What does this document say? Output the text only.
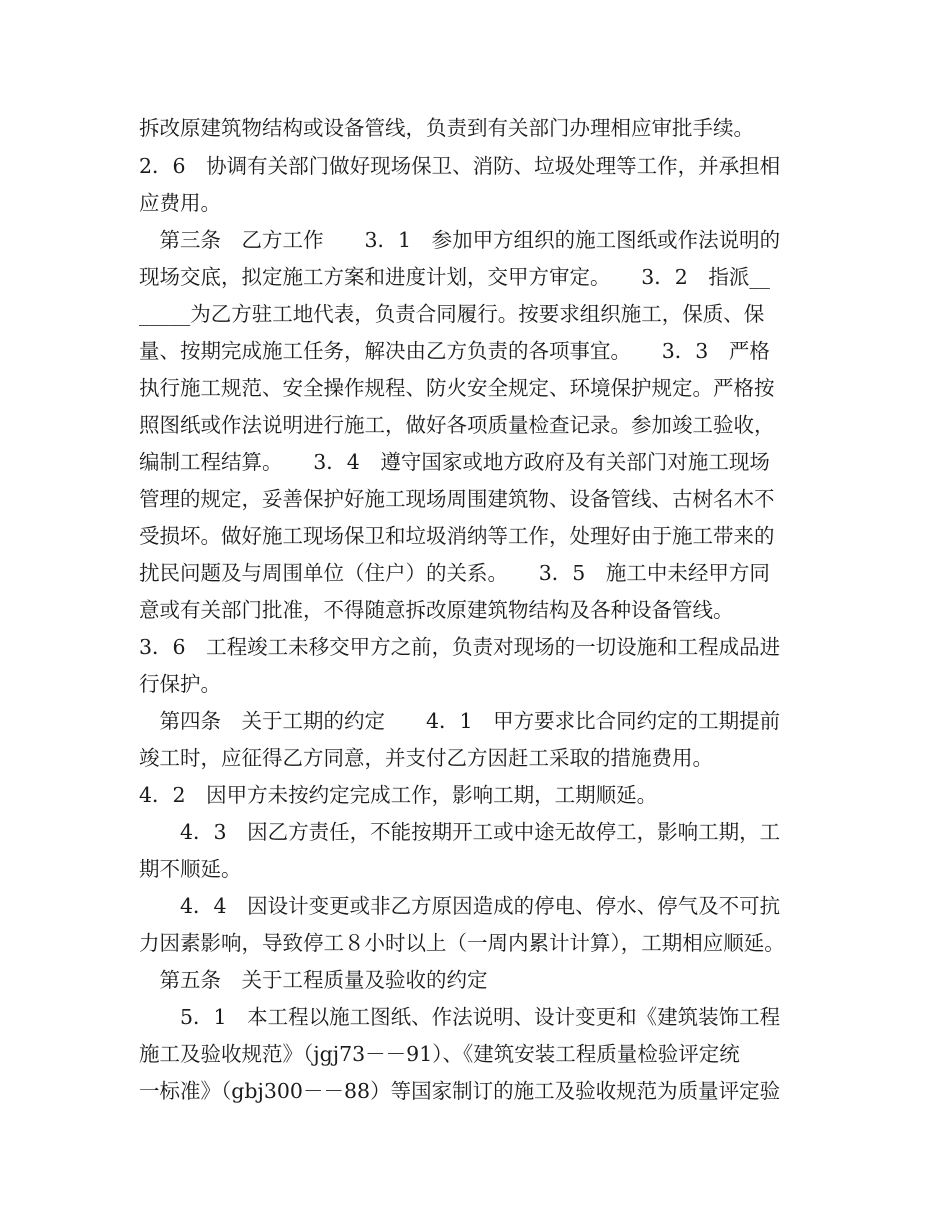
拆改原建筑物结构或设备管线，负责到有关部门办理相应审批手续。
2．6　协调有关部门做好现场保卫、消防、垃圾处理等工作，并承担相
应费用。
　第三条　乙方工作　　3．1　参加甲方组织的施工图纸或作法说明的
现场交底，拟定施工方案和进度计划，交甲方审定。　　3．2　指派__
_____为乙方驻工地代表，负责合同履行。按要求组织施工，保质、保
量、按期完成施工任务，解决由乙方负责的各项事宜。　　3．3　严格
执行施工规范、安全操作规程、防火安全规定、环境保护规定。严格按
照图纸或作法说明进行施工，做好各项质量检查记录。参加竣工验收，
编制工程结算。　　3．4　遵守国家或地方政府及有关部门对施工现场
管理的规定，妥善保护好施工现场周围建筑物、设备管线、古树名木不
受损坏。做好施工现场保卫和垃圾消纳等工作，处理好由于施工带来的
扰民问题及与周围单位（住户）的关系。　　3．5　施工中未经甲方同
意或有关部门批准，不得随意拆改原建筑物结构及各种设备管线。
3．6　工程竣工未移交甲方之前，负责对现场的一切设施和工程成品进
行保护。
　第四条　关于工期的约定　　4．1　甲方要求比合同约定的工期提前
竣工时，应征得乙方同意，并支付乙方因赶工采取的措施费用。
4．2　因甲方未按约定完成工作，影响工期，工期顺延。
　　4．3　因乙方责任，不能按期开工或中途无故停工，影响工期，工
期不顺延。
　　4．4　因设计变更或非乙方原因造成的停电、停水、停气及不可抗
力因素影响，导致停工８小时以上（一周内累计计算），工期相应顺延。
　第五条　关于工程质量及验收的约定
　　5．1　本工程以施工图纸、作法说明、设计变更和《建筑装饰工程
施工及验收规范》（jgj73－－91）、《建筑安装工程质量检验评定统
一标准》（gbj300－－88）等国家制订的施工及验收规范为质量评定验
